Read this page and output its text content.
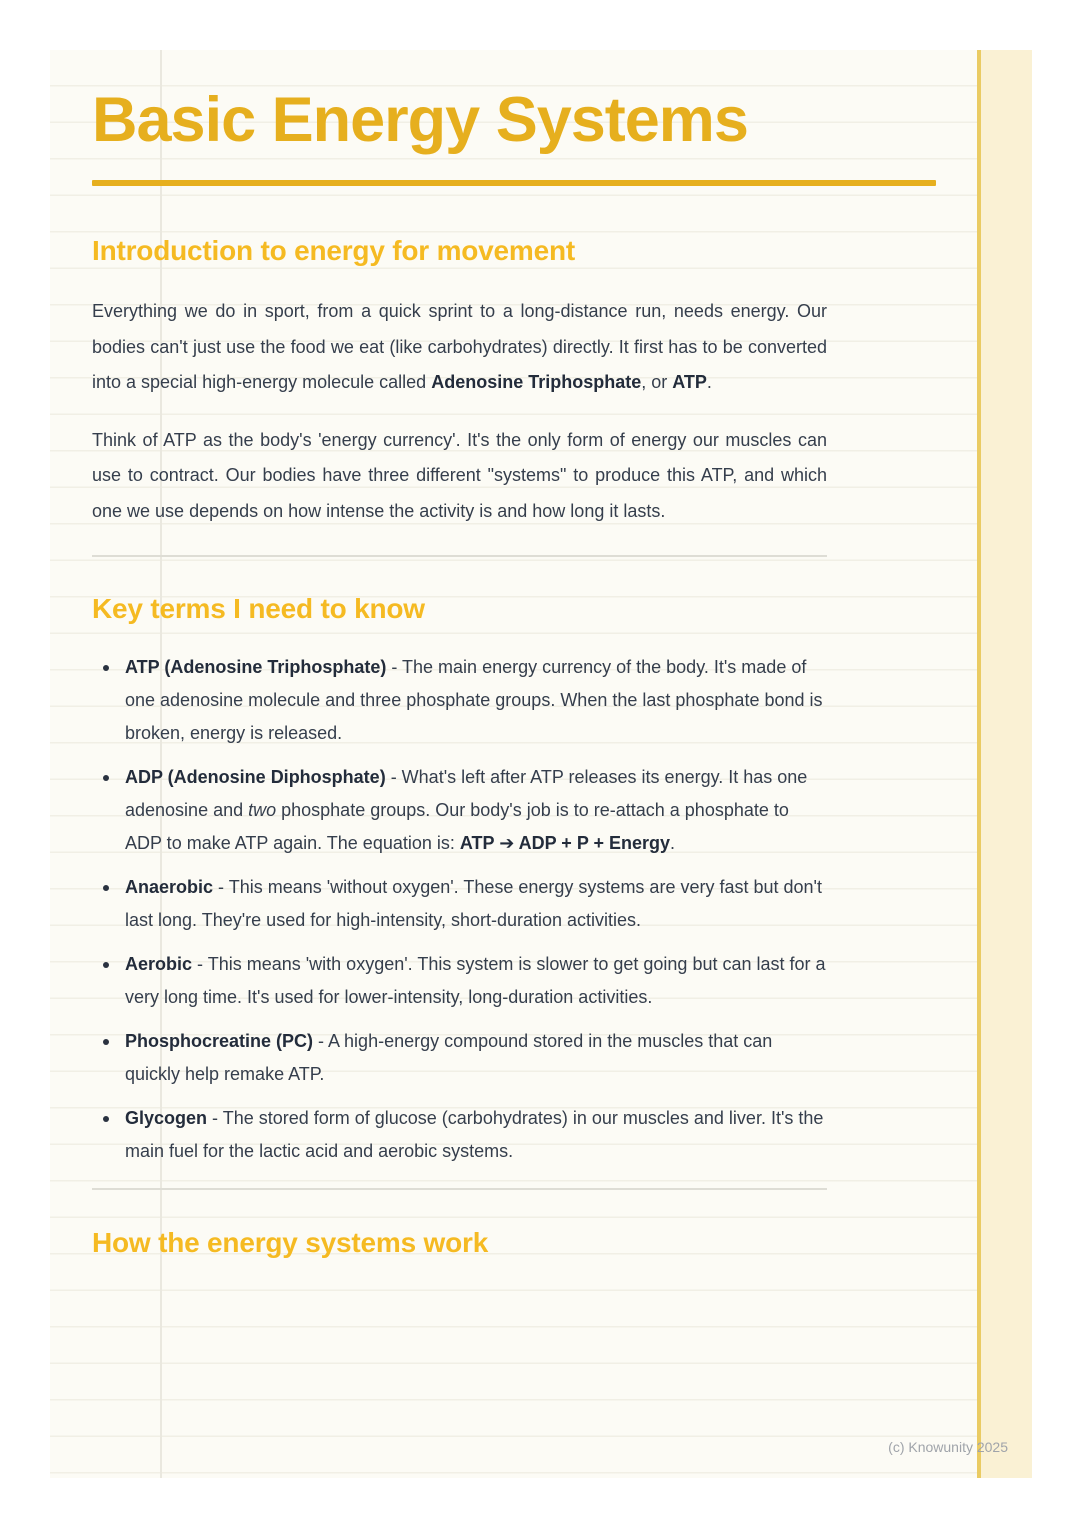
Basic Energy Systems
Introduction to energy for movement

Everything we do in sport, from a quick sprint to a long-distance run, needs energy. Our bodies can't just use the food we eat (like carbohydrates) directly. It first has to be converted into a special high-energy molecule called Adenosine Triphosphate, or ATP.

Think of ATP as the body's 'energy currency'. It's the only form of energy our muscles can use to contract. Our bodies have three different "systems" to produce this ATP, and which one we use depends on how intense the activity is and how long it lasts.

Key terms I need to know
ATP (Adenosine Triphosphate) - The main energy currency of the body. It's made of one adenosine molecule and three phosphate groups. When the last phosphate bond is broken, energy is released.
ADP (Adenosine Diphosphate) - What's left after ATP releases its energy. It has one adenosine and two phosphate groups. Our body's job is to re-attach a phosphate to ADP to make ATP again. The equation is: ATP ➔ ADP + P + Energy.
Anaerobic - This means 'without oxygen'. These energy systems are very fast but don't last long. They're used for high-intensity, short-duration activities.
Aerobic - This means 'with oxygen'. This system is slower to get going but can last for a very long time. It's used for lower-intensity, long-duration activities.
Phosphocreatine (PC) - A high-energy compound stored in the muscles that can quickly help remake ATP.
Glycogen - The stored form of glucose (carbohydrates) in our muscles and liver. It's the main fuel for the lactic acid and aerobic systems.
How the energy systems work
(c) Knowunity 2025
